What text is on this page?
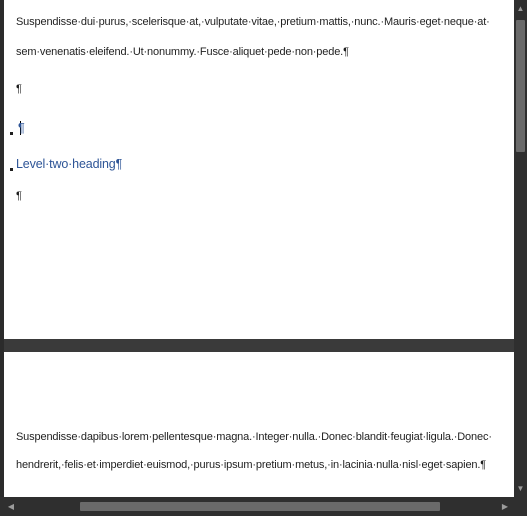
Suspendisse·dui·purus,·scelerisque·at,·vulputate·vitae,·pretium·mattis,·nunc.·Mauris·eget·neque·at·
sem·venenatis·eleifend.·Ut·nonummy.·Fusce·aliquet·pede·non·pede.¶
¶
¶
Level·two·heading¶
¶
Suspendisse·dapibus·lorem·pellentesque·magna.·Integer·nulla.·Donec·blandit·feugiat·ligula.·Donec·
hendrerit,·felis·et·imperdiet·euismod,·purus·ipsum·pretium·metus,·in·lacinia·nulla·nisl·eget·sapien.¶
▲
▼
◀	▶
